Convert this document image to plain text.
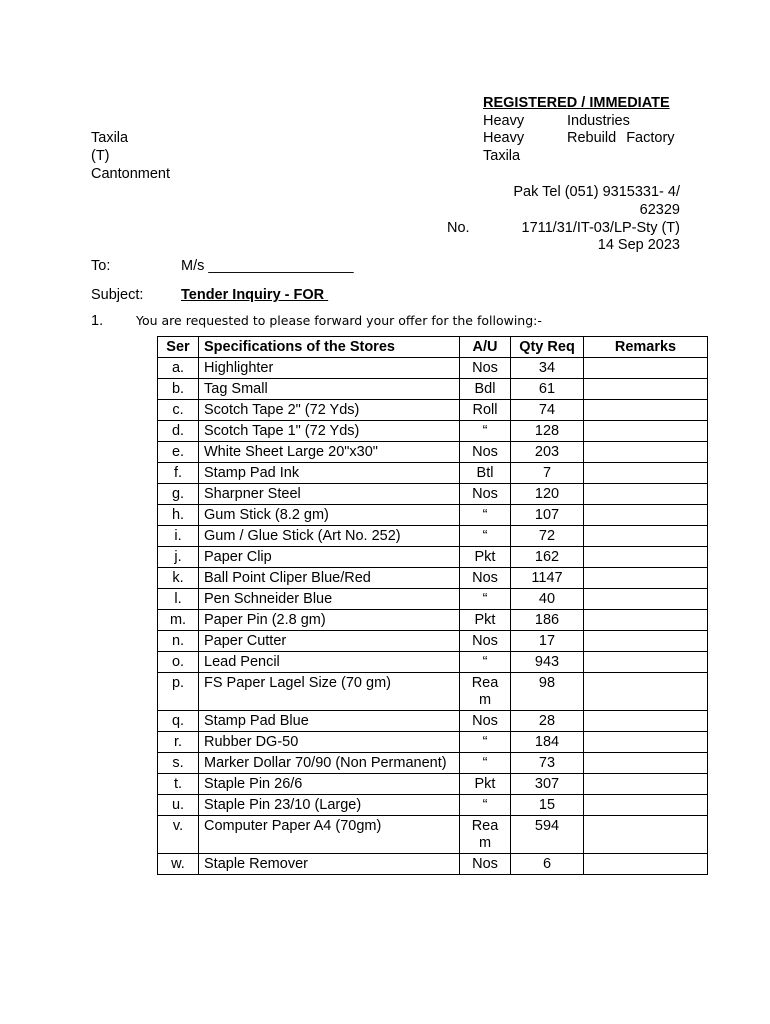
REGISTERED / IMMEDIATE
Heavy	Industries
Heavy	Rebuild Factory
Taxila
Taxila
(T)
Cantonment
Pak Tel (051) 9315331- 4/
62329
No.	1711/31/IT-03/LP-Sty (T)
14 Sep 2023
To:	M/s __________________
Subject:	Tender Inquiry - FOR
1.	You are requested to please forward your offer for the following:-
Ser	Specifications of the Stores	A/U	Qty Req	Remarks
a.	Highlighter	Nos	34	
b.	Tag Small	Bdl	61	
c.	Scotch Tape 2" (72 Yds)	Roll	74	
d.	Scotch Tape 1" (72 Yds)	“	128	
e.	White Sheet Large 20"x30"	Nos	203	
f.	Stamp Pad Ink	Btl	7	
g.	Sharpner Steel	Nos	120	
h.	Gum Stick (8.2 gm)	“	107	
i.	Gum / Glue Stick (Art No. 252)	“	72	
j.	Paper Clip	Pkt	162	
k.	Ball Point Cliper Blue/Red	Nos	1147	
l.	Pen Schneider Blue	“	40	
m.	Paper Pin (2.8 gm)	Pkt	186	
n.	Paper Cutter	Nos	17	
o.	Lead Pencil	“	943	
p.	FS Paper Lagel Size (70 gm)	Rea m	98	
q.	Stamp Pad Blue	Nos	28	
r.	Rubber DG-50	“	184	
s.	Marker Dollar 70/90 (Non Permanent)	“	73	
t.	Staple Pin 26/6	Pkt	307	
u.	Staple Pin 23/10 (Large)	“	15	
v.	Computer Paper A4 (70gm)	Rea m	594	
w.	Staple Remover	Nos	6	
